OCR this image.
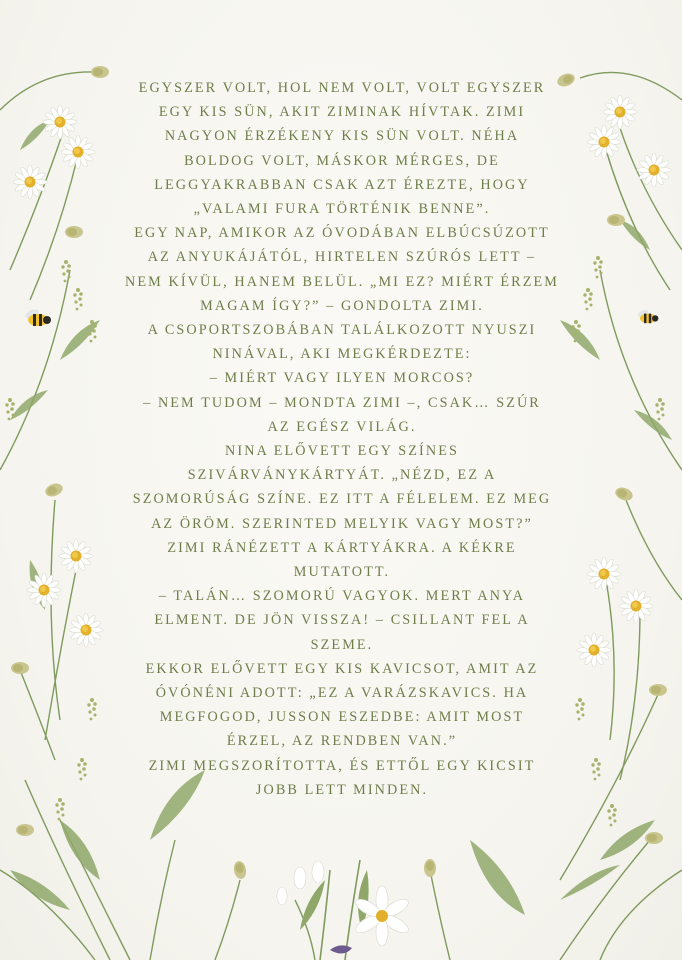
EGYSZER VOLT, HOL NEM VOLT, VOLT EGYSZER

EGY KIS SÜN, AKIT ZIMINAK HÍVTAK. ZIMI

NAGYON ÉRZÉKENY KIS SÜN VOLT. NÉHA

BOLDOG VOLT, MÁSKOR MÉRGES, DE

LEGGYAKRABBAN CSAK AZT ÉREZTE, HOGY

„VALAMI FURA TÖRTÉNIK BENNE”.

EGY NAP, AMIKOR AZ ÓVODÁBAN ELBÚCSÚZOTT

AZ ANYUKÁJÁTÓL, HIRTELEN SZÚRÓS LETT –

NEM KÍVÜL, HANEM BELÜL. „MI EZ? MIÉRT ÉRZEM

MAGAM ÍGY?” – GONDOLTA ZIMI.

A CSOPORTSZOBÁBAN TALÁLKOZOTT NYUSZI

NINÁVAL, AKI MEGKÉRDEZTE:

– MIÉRT VAGY ILYEN MORCOS?

– NEM TUDOM – MONDTA ZIMI –, CSAK… SZÚR

AZ EGÉSZ VILÁG.

NINA ELŐVETT EGY SZÍNES

SZIVÁRVÁNYKÁRTYÁT. „NÉZD, EZ A

SZOMORÚSÁG SZÍNE. EZ ITT A FÉLELEM. EZ MEG

AZ ÖRÖM. SZERINTED MELYIK VAGY MOST?”

ZIMI RÁNÉZETT A KÁRTYÁKRA. A KÉKRE

MUTATOTT.

– TALÁN… SZOMORÚ VAGYOK. MERT ANYA

ELMENT. DE JÖN VISSZA! – CSILLANT FEL A

SZEME.

EKKOR ELŐVETT EGY KIS KAVICSOT, AMIT AZ

ÓVÓNÉNI ADOTT: „EZ A VARÁZSKAVICS. HA

MEGFOGOD, JUSSON ESZEDBE: AMIT MOST

ÉRZEL, AZ RENDBEN VAN.”

ZIMI MEGSZORÍTOTTA, ÉS ETTŐL EGY KICSIT

JOBB LETT MINDEN.
